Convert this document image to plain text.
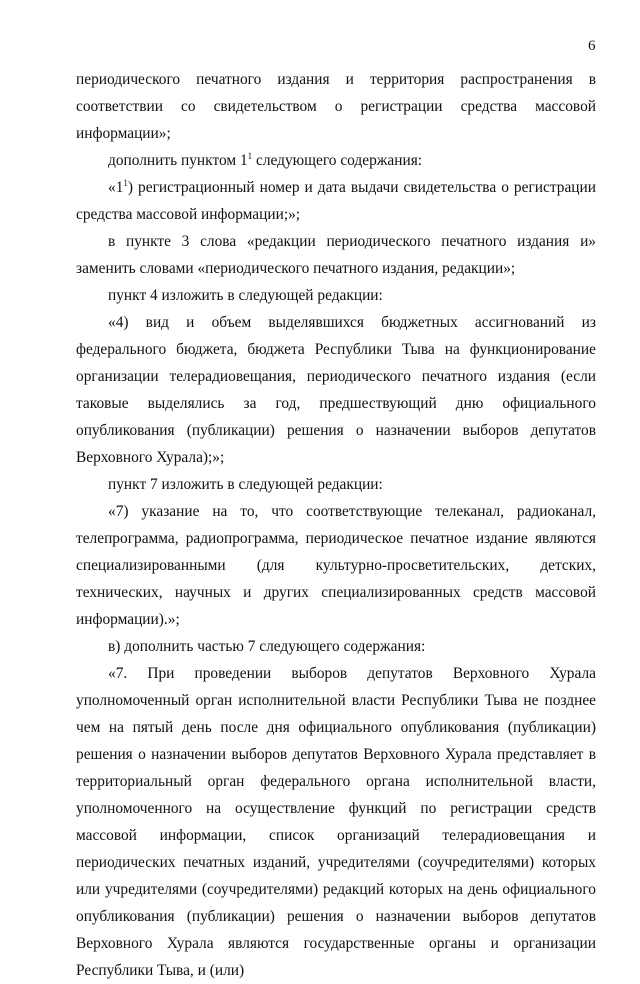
6

периодического печатного издания и территория распространения в соответствии со свидетельством о регистрации средства массовой информации»;

дополнить пунктом $1^1$ следующего содержания:

«$1^1$) регистрационный номер и дата выдачи свидетельства о регистрации средства массовой информации;»;

в пункте 3 слова «редакции периодического печатного издания и» заменить словами «периодического печатного издания, редакции»;

пункт 4 изложить в следующей редакции:

«4) вид и объем выделявшихся бюджетных ассигнований из федерального бюджета, бюджета Республики Тыва на функционирование организации телерадиовещания, периодического печатного издания (если таковые выделялись за год, предшествующий дню официального опубликования (публикации) решения о назначении выборов депутатов Верховного Хурала);»;

пункт 7 изложить в следующей редакции:

«7) указание на то, что соответствующие телеканал, радиоканал, телепрограмма, радиопрограмма, периодическое печатное издание являются специализированными (для культурно-просветительских, детских, технических, научных и других специализированных средств массовой информации).»;

в) дополнить частью 7 следующего содержания:

«7. При проведении выборов депутатов Верховного Хурала уполномоченный орган исполнительной власти Республики Тыва не позднее чем на пятый день после дня официального опубликования (публикации) решения о назначении выборов депутатов Верховного Хурала представляет в территориальный орган федерального органа исполнительной власти, уполномоченного на осуществление функций по регистрации средств массовой информации, список организаций телерадиовещания и периодических печатных изданий, учредителями (соучредителями) которых или учредителями (соучредителями) редакций которых на день официального опубликования (публикации) решения о назначении выборов депутатов Верховного Хурала являются государственные органы и организации Республики Тыва, и (или)
